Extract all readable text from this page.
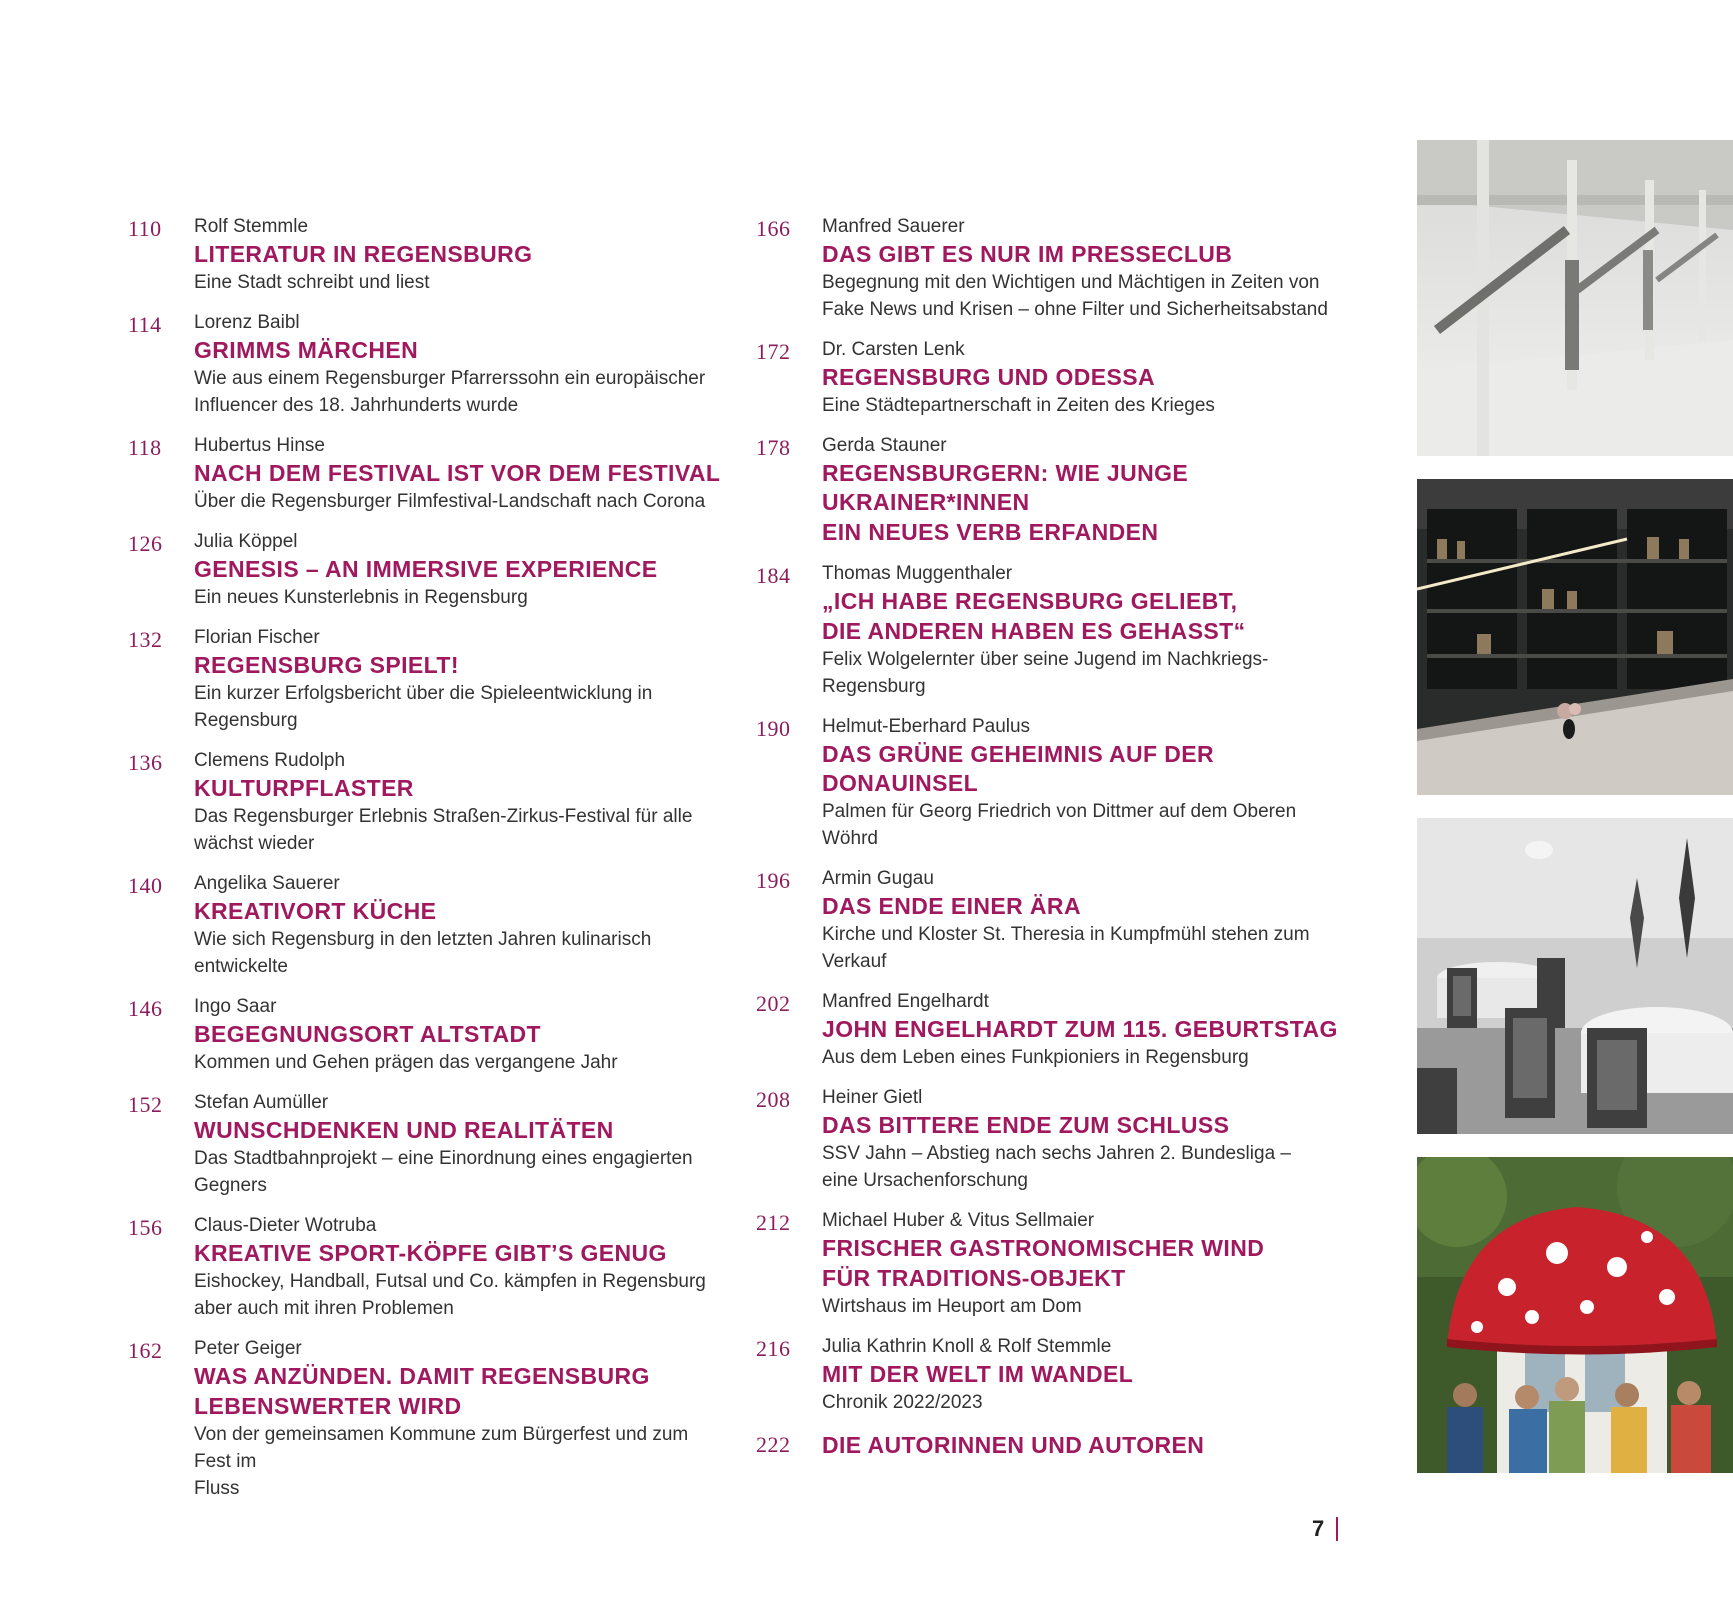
110 Rolf Stemmle
LITERATUR IN REGENSBURG
Eine Stadt schreibt und liest
114 Lorenz Baibl
GRIMMS MÄRCHEN
Wie aus einem Regensburger Pfarrerssohn ein europäischer
Influencer des 18. Jahrhunderts wurde
118 Hubertus Hinse
NACH DEM FESTIVAL IST VOR DEM FESTIVAL
Über die Regensburger Filmfestival-Landschaft nach Corona
126 Julia Köppel
GENESIS – AN IMMERSIVE EXPERIENCE
Ein neues Kunsterlebnis in Regensburg
132 Florian Fischer
REGENSBURG SPIELT!
Ein kurzer Erfolgsbericht über die Spieleentwicklung in Regensburg
136 Clemens Rudolph
KULTURPFLASTER
Das Regensburger Erlebnis Straßen-Zirkus-Festival für alle
wächst wieder
140 Angelika Sauerer
KREATIVORT KÜCHE
Wie sich Regensburg in den letzten Jahren kulinarisch entwickelte
146 Ingo Saar
BEGEGNUNGSORT ALTSTADT
Kommen und Gehen prägen das vergangene Jahr
152 Stefan Aumüller
WUNSCHDENKEN UND REALITÄTEN
Das Stadtbahnprojekt – eine Einordnung eines engagierten Gegners
156 Claus-Dieter Wotruba
KREATIVE SPORT-KÖPFE GIBT’S GENUG
Eishockey, Handball, Futsal und Co. kämpfen in Regensburg
aber auch mit ihren Problemen
162 Peter Geiger
WAS ANZÜNDEN. DAMIT REGENSBURG
LEBENSWERTER WIRD
Von der gemeinsamen Kommune zum Bürgerfest und zum Fest im
Fluss
166 Manfred Sauerer
DAS GIBT ES NUR IM PRESSECLUB
Begegnung mit den Wichtigen und Mächtigen in Zeiten von
Fake News und Krisen – ohne Filter und Sicherheitsabstand
172 Dr. Carsten Lenk
REGENSBURG UND ODESSA
Eine Städtepartnerschaft in Zeiten des Krieges
178 Gerda Stauner
REGENSBURGERN: WIE JUNGE UKRAINER*INNEN
EIN NEUES VERB ERFANDEN
184 Thomas Muggenthaler
„ICH HABE REGENSBURG GELIEBT,
DIE ANDEREN HABEN ES GEHASST“
Felix Wolgelernter über seine Jugend im Nachkriegs-Regensburg
190 Helmut-Eberhard Paulus
DAS GRÜNE GEHEIMNIS AUF DER DONAUINSEL
Palmen für Georg Friedrich von Dittmer auf dem Oberen Wöhrd
196 Armin Gugau
DAS ENDE EINER ÄRA
Kirche und Kloster St. Theresia in Kumpfmühl stehen zum Verkauf
202 Manfred Engelhardt
JOHN ENGELHARDT ZUM 115. GEBURTSTAG
Aus dem Leben eines Funkpioniers in Regensburg
208 Heiner Gietl
DAS BITTERE ENDE ZUM SCHLUSS
SSV Jahn – Abstieg nach sechs Jahren 2. Bundesliga –
eine Ursachenforschung
212 Michael Huber & Vitus Sellmaier
FRISCHER GASTRONOMISCHER WIND
FÜR TRADITIONS-OBJEKT
Wirtshaus im Heuport am Dom
216 Julia Kathrin Knoll & Rolf Stemmle
MIT DER WELT IM WANDEL
Chronik 2022/2023
222 DIE AUTORINNEN UND AUTOREN
7
